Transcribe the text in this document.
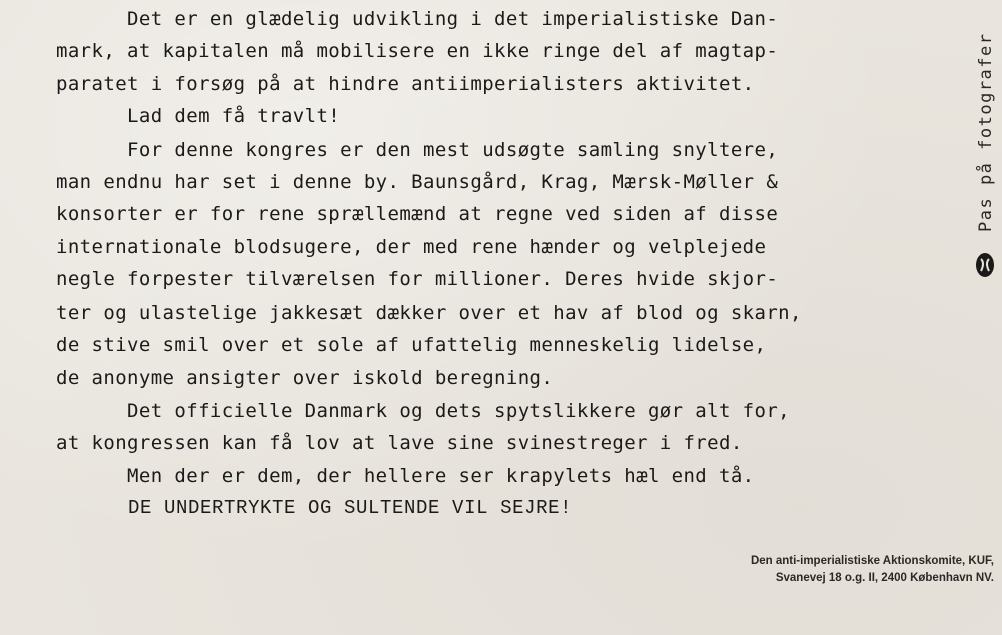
Det er en glædelig udvikling i det imperialistiske Dan-
mark, at kapitalen må mobilisere en ikke ringe del af magtap-
paratet i forsøg på at hindre antiimperialisters aktivitet.
Lad dem få travlt!
For denne kongres er den mest udsøgte samling snyltere,
man endnu har set i denne by. Baunsgård, Krag, Mærsk-Møller &
konsorter er for rene sprællemænd at regne ved siden af disse
internationale blodsugere, der med rene hænder og velplejede
negle forpester tilværelsen for millioner. Deres hvide skjor-
ter og ulastelige jakkesæt dækker over et hav af blod og skarn,
de stive smil over et sole af ufattelig menneskelig lidelse,
de anonyme ansigter over iskold beregning.
Det officielle Danmark og dets spytslikkere gør alt for,
at kongressen kan få lov at lave sine svinestreger i fred.
Men der er dem, der hellere ser krapylets hæl end tå.
DE UNDERTRYKTE OG SULTENDE VIL SEJRE!
Pas på fotografer
Den anti-imperialistiske Aktionskomite, KUF,
Svanevej 18 o.g. II, 2400 København NV.
